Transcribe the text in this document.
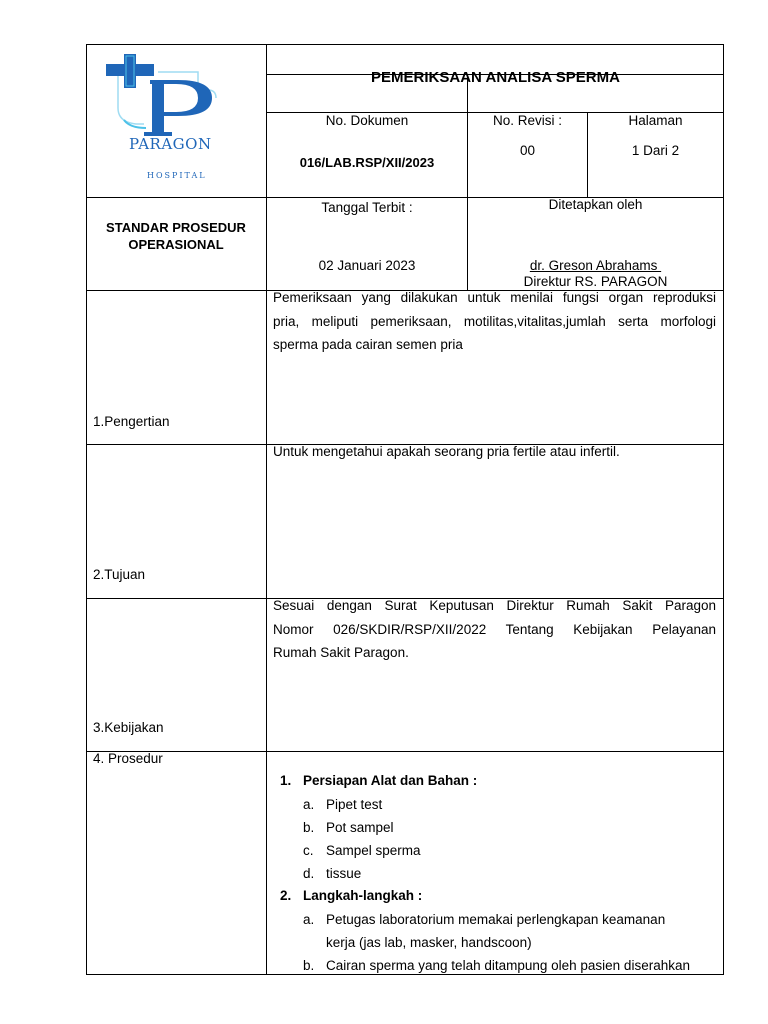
PARAGON
HOSPITAL
PEMERIKSAAN ANALISA SPERMA
No. Dokumen
016/LAB.RSP/XII/2023
No. Revisi :
00
Halaman
1 Dari 2
STANDAR PROSEDUR
OPERASIONAL
Tanggal Terbit :
02 Januari 2023
Ditetapkan oleh
dr. Greson Abrahams
Direktur RS. PARAGON
1.Pengertian
Pemeriksaan yang dilakukan untuk menilai fungsi organ reproduksi
pria, meliputi pemeriksaan, motilitas,vitalitas,jumlah serta morfologi
sperma pada cairan semen pria
2.Tujuan
Untuk mengetahui apakah seorang pria fertile atau infertil.
3.Kebijakan
Sesuai dengan Surat Keputusan Direktur Rumah Sakit Paragon
Nomor 026/SKDIR/RSP/XII/2022 Tentang Kebijakan Pelayanan
Rumah Sakit Paragon.
4. Prosedur
1. Persiapan Alat dan Bahan :
a. Pipet test
b. Pot sampel
c. Sampel sperma
d. tissue
2. Langkah-langkah :
a. Petugas laboratorium memakai perlengkapan keamanan
kerja (jas lab, masker, handscoon)
b. Cairan sperma yang telah ditampung oleh pasien diserahkan
